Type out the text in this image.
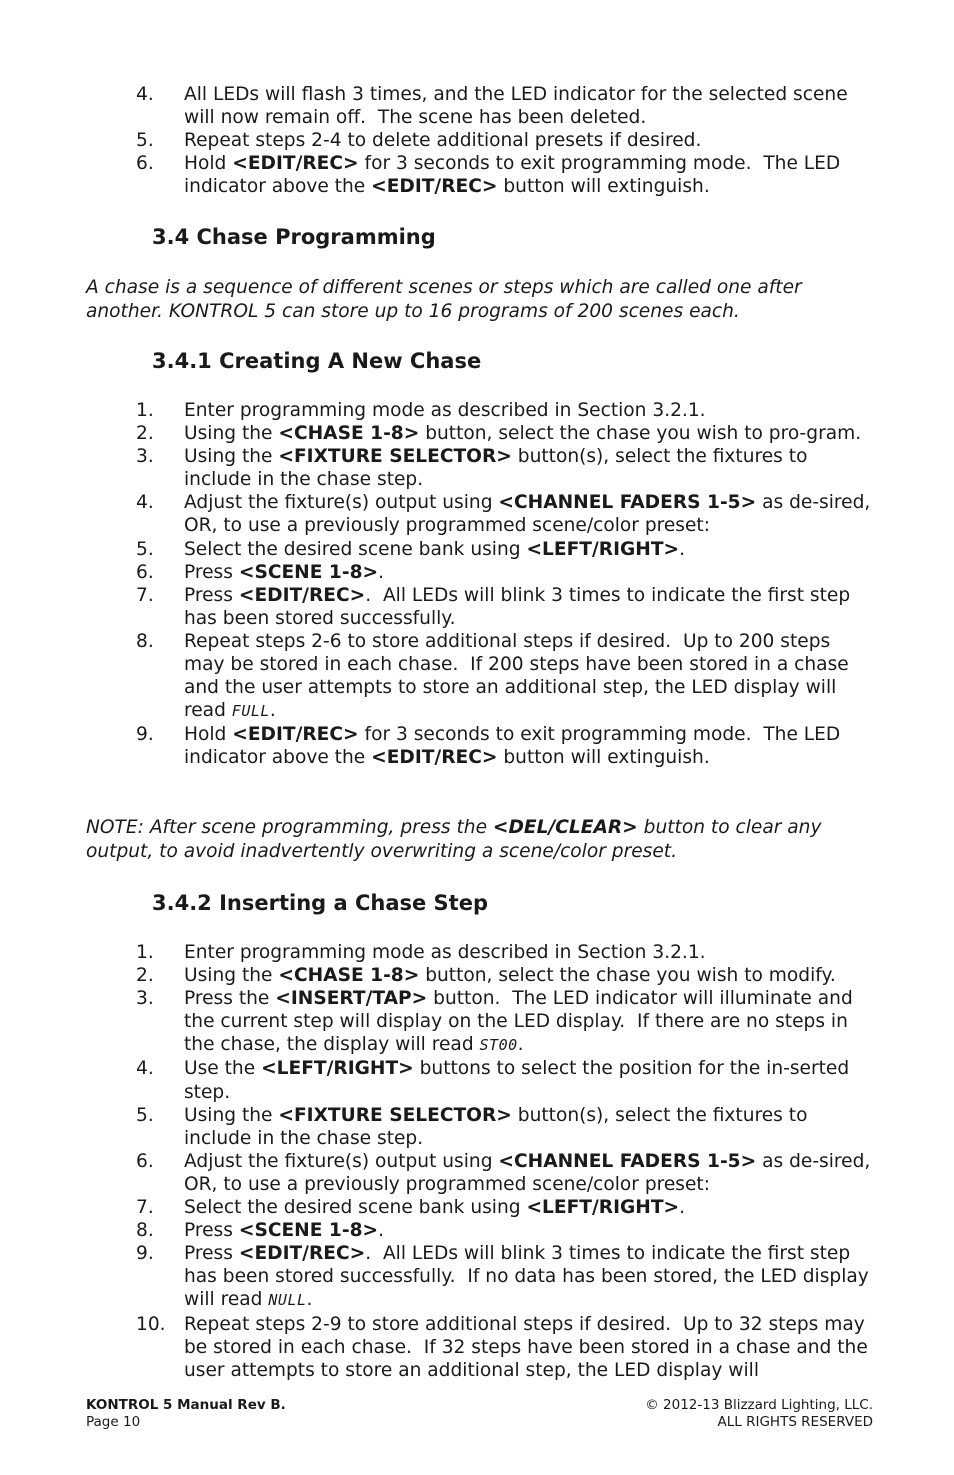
4.	All LEDs will flash 3 times, and the LED indicator for the selected scene will now remain off.  The scene has been deleted.
5.	Repeat steps 2-4 to delete additional presets if desired.
6.	Hold <EDIT/REC> for 3 seconds to exit programming mode.  The LED indicator above the <EDIT/REC> button will extinguish.
3.4 Chase Programming

A chase is a sequence of different scenes or steps which are called one after another. KONTROL 5 can store up to 16 programs of 200 scenes each.

3.4.1 Creating A New Chase
1.	Enter programming mode as described in Section 3.2.1.
2.	Using the <CHASE 1-8> button, select the chase you wish to pro-gram.
3.	Using the <FIXTURE SELECTOR> button(s), select the fixtures to include in the chase step.
4.	Adjust the fixture(s) output using <CHANNEL FADERS 1-5> as de-sired, OR, to use a previously programmed scene/color preset:
5.	Select the desired scene bank using <LEFT/RIGHT>.
6.	Press <SCENE 1-8>.
7.	Press <EDIT/REC>.  All LEDs will blink 3 times to indicate the first step has been stored successfully.
8.	Repeat steps 2-6 to store additional steps if desired.  Up to 200 steps may be stored in each chase.  If 200 steps have been stored in a chase and the user attempts to store an additional step, the LED display will read FULL.
9.	Hold <EDIT/REC> for 3 seconds to exit programming mode.  The LED indicator above the <EDIT/REC> button will extinguish.

NOTE: After scene programming, press the <DEL/CLEAR> button to clear any output, to avoid inadvertently overwriting a scene/color preset.

3.4.2 Inserting a Chase Step
1.	Enter programming mode as described in Section 3.2.1.
2.	Using the <CHASE 1-8> button, select the chase you wish to modify.
3.	Press the <INSERT/TAP> button.  The LED indicator will illuminate and the current step will display on the LED display.  If there are no steps in the chase, the display will read ST00.
4.	Use the <LEFT/RIGHT> buttons to select the position for the in-serted step.
5.	Using the <FIXTURE SELECTOR> button(s), select the fixtures to include in the chase step.
6.	Adjust the fixture(s) output using <CHANNEL FADERS 1-5> as de-sired, OR, to use a previously programmed scene/color preset:
7.	Select the desired scene bank using <LEFT/RIGHT>.
8.	Press <SCENE 1-8>.
9.	Press <EDIT/REC>.  All LEDs will blink 3 times to indicate the first step has been stored successfully.  If no data has been stored, the LED display will read NULL.
10. Repeat steps 2-9 to store additional steps if desired.  Up to 32 steps may be stored in each chase.  If 32 steps have been stored in a chase and the user attempts to store an additional step, the LED display will
KONTROL 5 Manual Rev B.
Page 10
© 2012-13 Blizzard Lighting, LLC.
ALL RIGHTS RESERVED
